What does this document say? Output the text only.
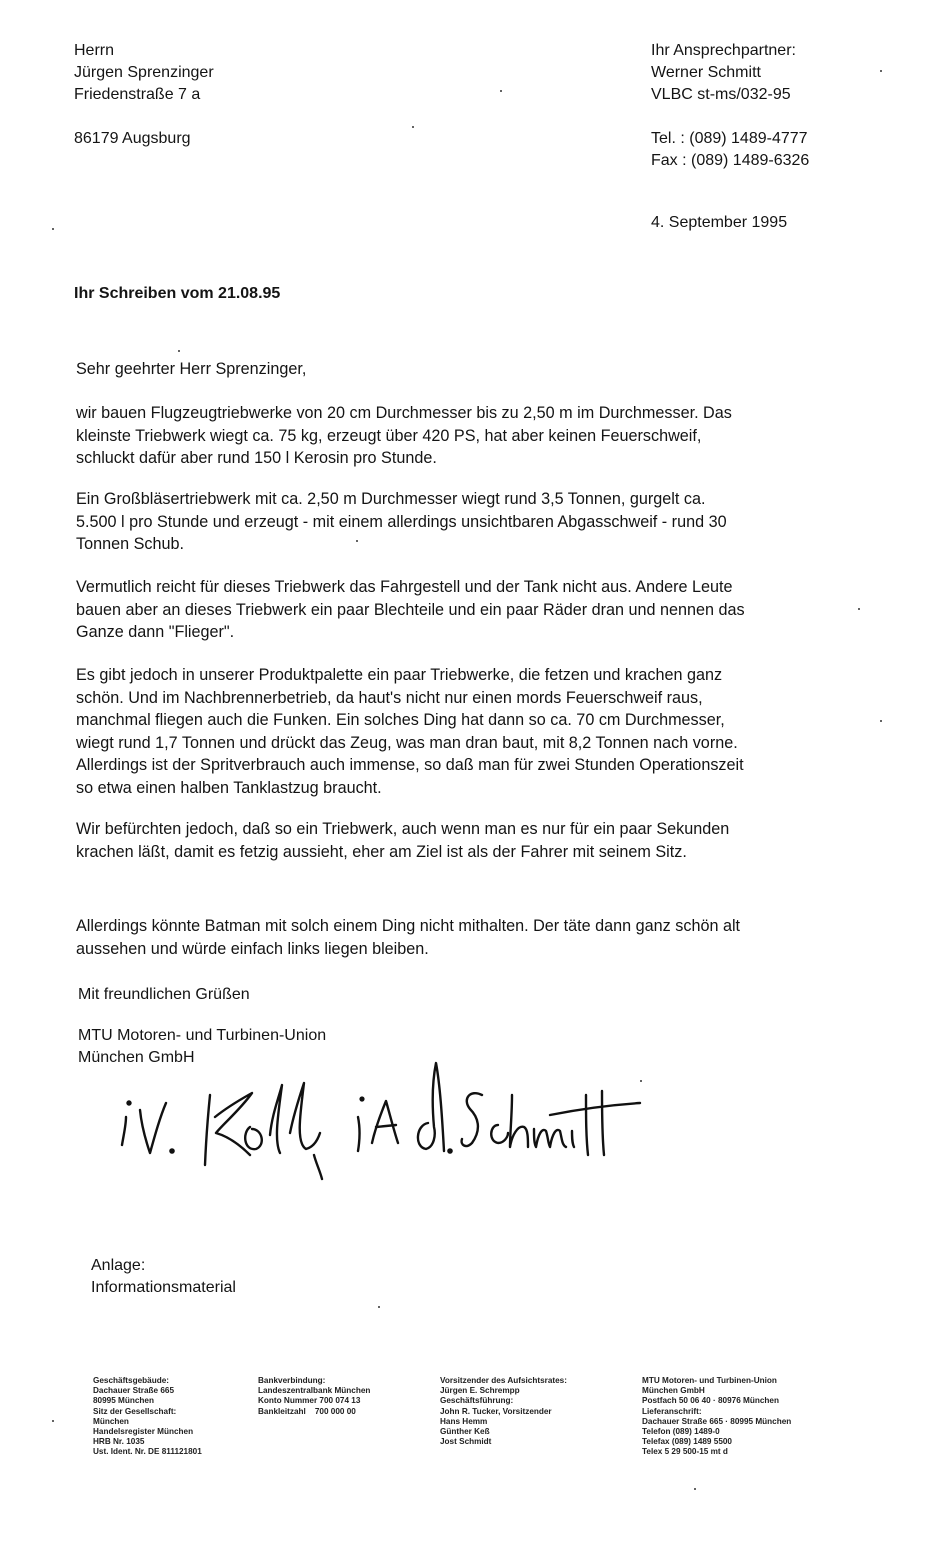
Herrn
Jürgen Sprenzinger
Friedenstraße 7 a
86179 Augsburg
Ihr Ansprechpartner:
Werner Schmitt
VLBC st-ms/032-95
Tel. : (089) 1489-4777
Fax : (089) 1489-6326
4. September 1995
Ihr Schreiben vom 21.08.95
Sehr geehrter Herr Sprenzinger,
wir bauen Flugzeugtriebwerke von 20 cm Durchmesser bis zu 2,50 m im Durchmesser. Das
kleinste Triebwerk wiegt ca. 75 kg, erzeugt über 420 PS, hat aber keinen Feuerschweif,
schluckt dafür aber rund 150 l Kerosin pro Stunde.
Ein Großbläsertriebwerk mit ca. 2,50 m Durchmesser wiegt rund 3,5 Tonnen, gurgelt ca.
5.500 l pro Stunde und erzeugt - mit einem allerdings unsichtbaren Abgasschweif - rund 30
Tonnen Schub.
Vermutlich reicht für dieses Triebwerk das Fahrgestell und der Tank nicht aus. Andere Leute
bauen aber an dieses Triebwerk ein paar Blechteile und ein paar Räder dran und nennen das
Ganze dann "Flieger".
Es gibt jedoch in unserer Produktpalette ein paar Triebwerke, die fetzen und krachen ganz
schön. Und im Nachbrennerbetrieb, da haut's nicht nur einen mords Feuerschweif raus,
manchmal fliegen auch die Funken. Ein solches Ding hat dann so ca. 70 cm Durchmesser,
wiegt rund 1,7 Tonnen und drückt das Zeug, was man dran baut, mit 8,2 Tonnen nach vorne.
Allerdings ist der Spritverbrauch auch immense, so daß man für zwei Stunden Operationszeit
so etwa einen halben Tanklastzug braucht.
Wir befürchten jedoch, daß so ein Triebwerk, auch wenn man es nur für ein paar Sekunden
krachen läßt, damit es fetzig aussieht, eher am Ziel ist als der Fahrer mit seinem Sitz.
Allerdings könnte Batman mit solch einem Ding nicht mithalten. Der täte dann ganz schön alt
aussehen und würde einfach links liegen bleiben.
Mit freundlichen Grüßen
MTU Motoren- und Turbinen-Union
München GmbH
Anlage:
Informationsmaterial
Geschäftsgebäude:
Dachauer Straße 665
80995 München
Sitz der Gesellschaft:
München
Handelsregister München
HRB Nr. 1035
Ust. Ident. Nr. DE 811121801
Bankverbindung:
Landeszentralbank München
Konto Nummer 700 074 13
Bankleitzahl    700 000 00
Vorsitzender des Aufsichtsrates:
Jürgen E. Schrempp
Geschäftsführung:
John R. Tucker, Vorsitzender
Hans Hemm
Günther Keß
Jost Schmidt
MTU Motoren- und Turbinen-Union
München GmbH
Postfach 50 06 40 · 80976 München
Lieferanschrift:
Dachauer Straße 665 · 80995 München
Telefon (089) 1489-0
Telefax (089) 1489 5500
Telex 5 29 500-15 mt d
